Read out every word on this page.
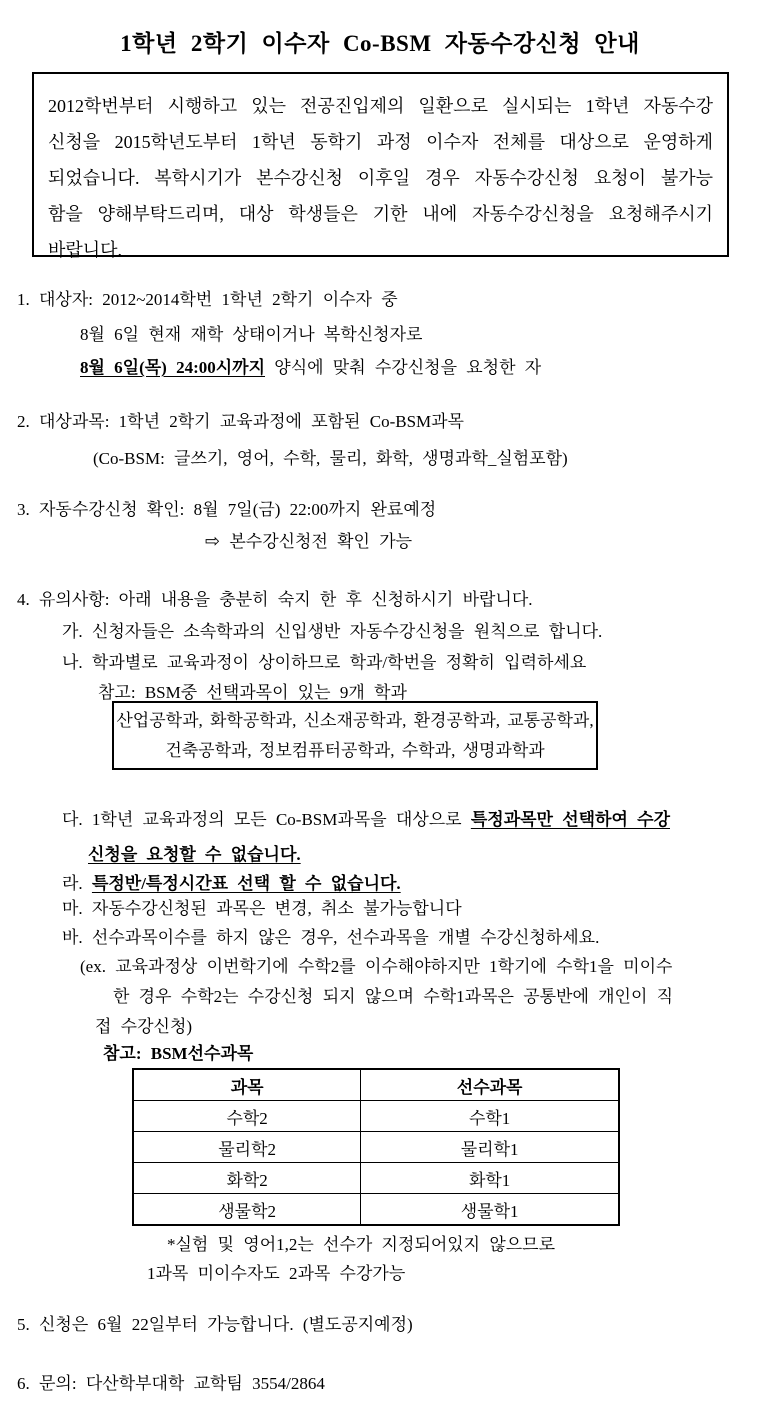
1학년 2학기 이수자 Co-BSM 자동수강신청 안내
2012학번부터 시행하고 있는 전공진입제의 일환으로 실시되는 1학년 자동수강신청을 2015학년도부터 1학년 동학기 과정 이수자 전체를 대상으로 운영하게 되었습니다. 복학시기가 본수강신청 이후일 경우 자동수강신청 요청이 불가능함을 양해부탁드리며, 대상 학생들은 기한 내에 자동수강신청을 요청해주시기 바랍니다.
1. 대상자: 2012~2014학번 1학년 2학기 이수자 중
8월 6일 현재 재학 상태이거나 복학신청자로
8월 6일(목) 24:00시까지 양식에 맞춰 수강신청을 요청한 자
2. 대상과목: 1학년 2학기 교육과정에 포함된 Co-BSM과목
(Co-BSM: 글쓰기, 영어, 수학, 물리, 화학, 생명과학_실험포함)
3. 자동수강신청 확인: 8월 7일(금) 22:00까지 완료예정
⇨ 본수강신청전 확인 가능
4. 유의사항: 아래 내용을 충분히 숙지 한 후 신청하시기 바랍니다.
가. 신청자들은 소속학과의 신입생반 자동수강신청을 원칙으로 합니다.
나. 학과별로 교육과정이 상이하므로 학과/학번을 정확히 입력하세요
참고: BSM중 선택과목이 있는 9개 학과
산업공학과, 화학공학과, 신소재공학과, 환경공학과, 교통공학과,
건축공학과, 정보컴퓨터공학과, 수학과, 생명과학과
다. 1학년 교육과정의 모든 Co-BSM과목을 대상으로 특정과목만 선택하여 수강
신청을 요청할 수 없습니다.
라. 특정반/특정시간표 선택 할 수 없습니다.
마. 자동수강신청된 과목은 변경, 취소 불가능합니다
바. 선수과목이수를 하지 않은 경우, 선수과목을 개별 수강신청하세요.
(ex. 교육과정상 이번학기에 수학2를 이수해야하지만 1학기에 수학1을 미이수
한 경우 수학2는 수강신청 되지 않으며 수학1과목은 공통반에 개인이 직
접 수강신청)
참고: BSM선수과목
과목	선수과목
수학2	수학1
물리학2	물리학1
화학2	화학1
생물학2	생물학1
*실험 및 영어1,2는 선수가 지정되어있지 않으므로
1과목 미이수자도 2과목 수강가능
5. 신청은 6월 22일부터 가능합니다. (별도공지예정)
6. 문의: 다산학부대학 교학팀 3554/2864
